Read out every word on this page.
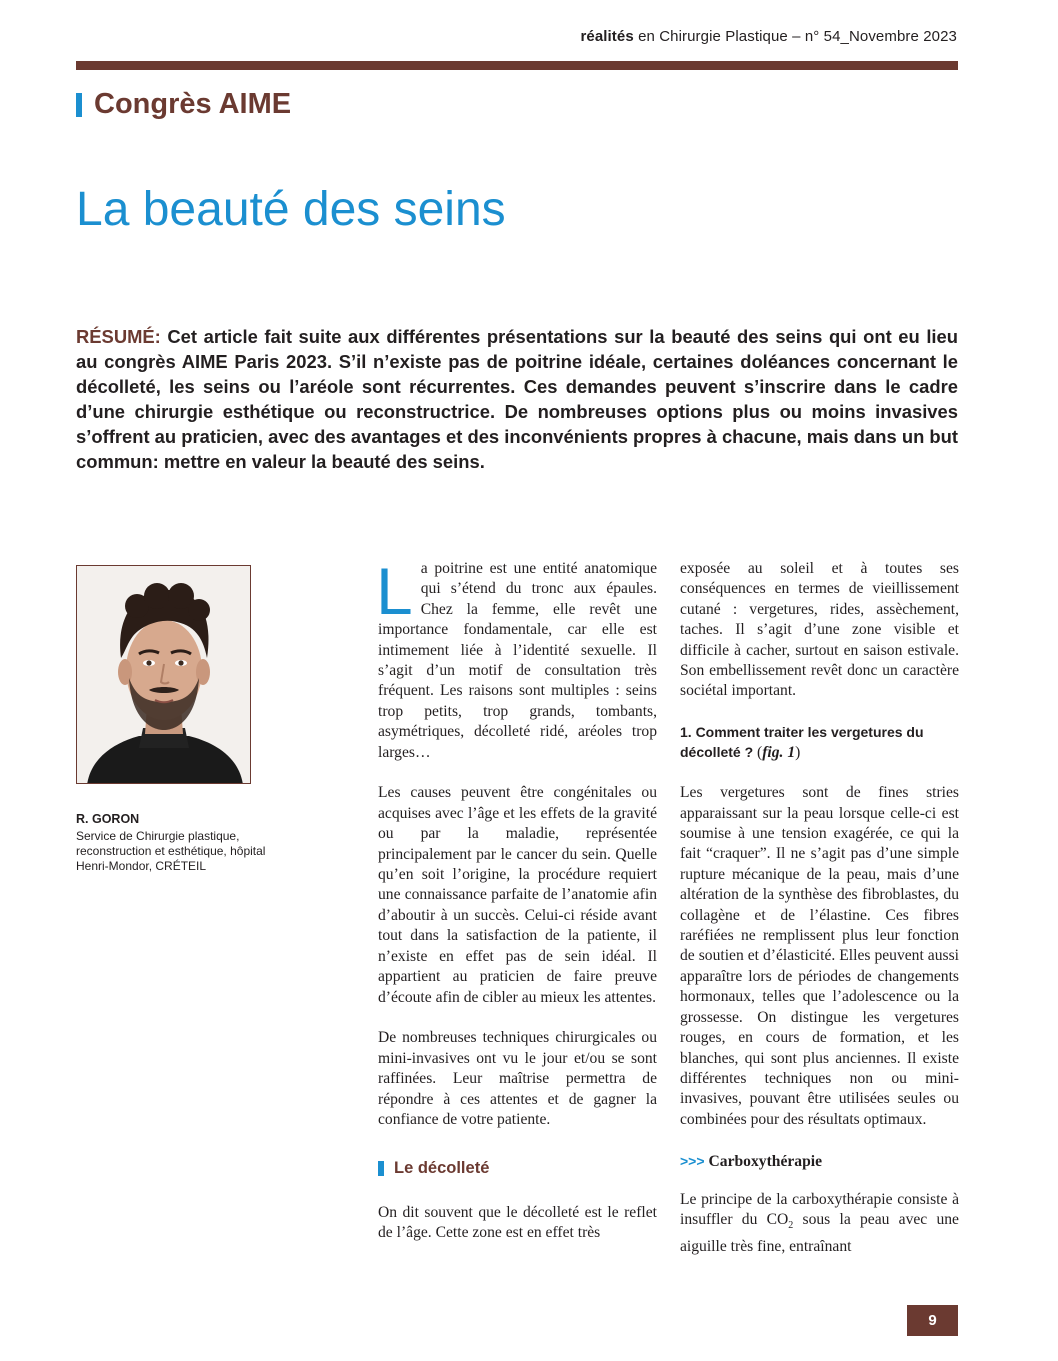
réalités en Chirurgie Plastique – n° 54_Novembre 2023
Congrès AIME
La beauté des seins
RÉSUMÉ: Cet article fait suite aux différentes présentations sur la beauté des seins qui ont eu lieu au congrès AIME Paris 2023. S’il n’existe pas de poitrine idéale, certaines doléances concernant le décolleté, les seins ou l’aréole sont récurrentes. Ces demandes peuvent s’inscrire dans le cadre d’une chirurgie esthétique ou reconstructrice. De nombreuses options plus ou moins invasives s’offrent au praticien, avec des avantages et des inconvénients propres à chacune, mais dans un but commun: mettre en valeur la beauté des seins.
R. GORON
Service de Chirurgie plastique, reconstruction et esthétique, hôpital Henri-Mondor, CRÉTEIL

La poitrine est une entité anatomique qui s’étend du tronc aux épaules. Chez la femme, elle revêt une importance fondamentale, car elle est intimement liée à l’identité sexuelle. Il s’agit d’un motif de consultation très fréquent. Les raisons sont multiples : seins trop petits, trop grands, tombants, asymétriques, décolleté ridé, aréoles trop larges…

Les causes peuvent être congénitales ou acquises avec l’âge et les effets de la gravité ou par la maladie, représentée principalement par le cancer du sein. Quelle qu’en soit l’origine, la procédure requiert une connaissance parfaite de l’anatomie afin d’aboutir à un succès. Celui-ci réside avant tout dans la satisfaction de la patiente, il n’existe en effet pas de sein idéal. Il appartient au praticien de faire preuve d’écoute afin de cibler au mieux les attentes.

De nombreuses techniques chirurgicales ou mini-invasives ont vu le jour et/ou se sont raffinées. Leur maîtrise permettra de répondre à ces attentes et de gagner la confiance de votre patiente.

Le décolleté

On dit souvent que le décolleté est le reflet de l’âge. Cette zone est en effet très

exposée au soleil et à toutes ses conséquences en termes de vieillissement cutané : vergetures, rides, assèchement, taches. Il s’agit d’une zone visible et difficile à cacher, surtout en saison estivale. Son embellissement revêt donc un caractère sociétal important.

1. Comment traiter les vergetures du décolleté ? (fig. 1)

Les vergetures sont de fines stries apparaissant sur la peau lorsque celle-ci est soumise à une tension exagérée, ce qui la fait “craquer”. Il ne s’agit pas d’une simple rupture mécanique de la peau, mais d’une altération de la synthèse des fibroblastes, du collagène et de l’élastine. Ces fibres raréfiées ne remplissent plus leur fonction de soutien et d’élasticité. Elles peuvent aussi apparaître lors de périodes de changements hormonaux, telles que l’adolescence ou la grossesse. On distingue les vergetures rouges, en cours de formation, et les blanches, qui sont plus anciennes. Il existe différentes techniques non ou mini-invasives, pouvant être utilisées seules ou combinées pour des résultats optimaux.

>>> Carboxythérapie

Le principe de la carboxythérapie consiste à insuffler du $CO_2$ sous la peau avec une aiguille très fine, entraînant

9
